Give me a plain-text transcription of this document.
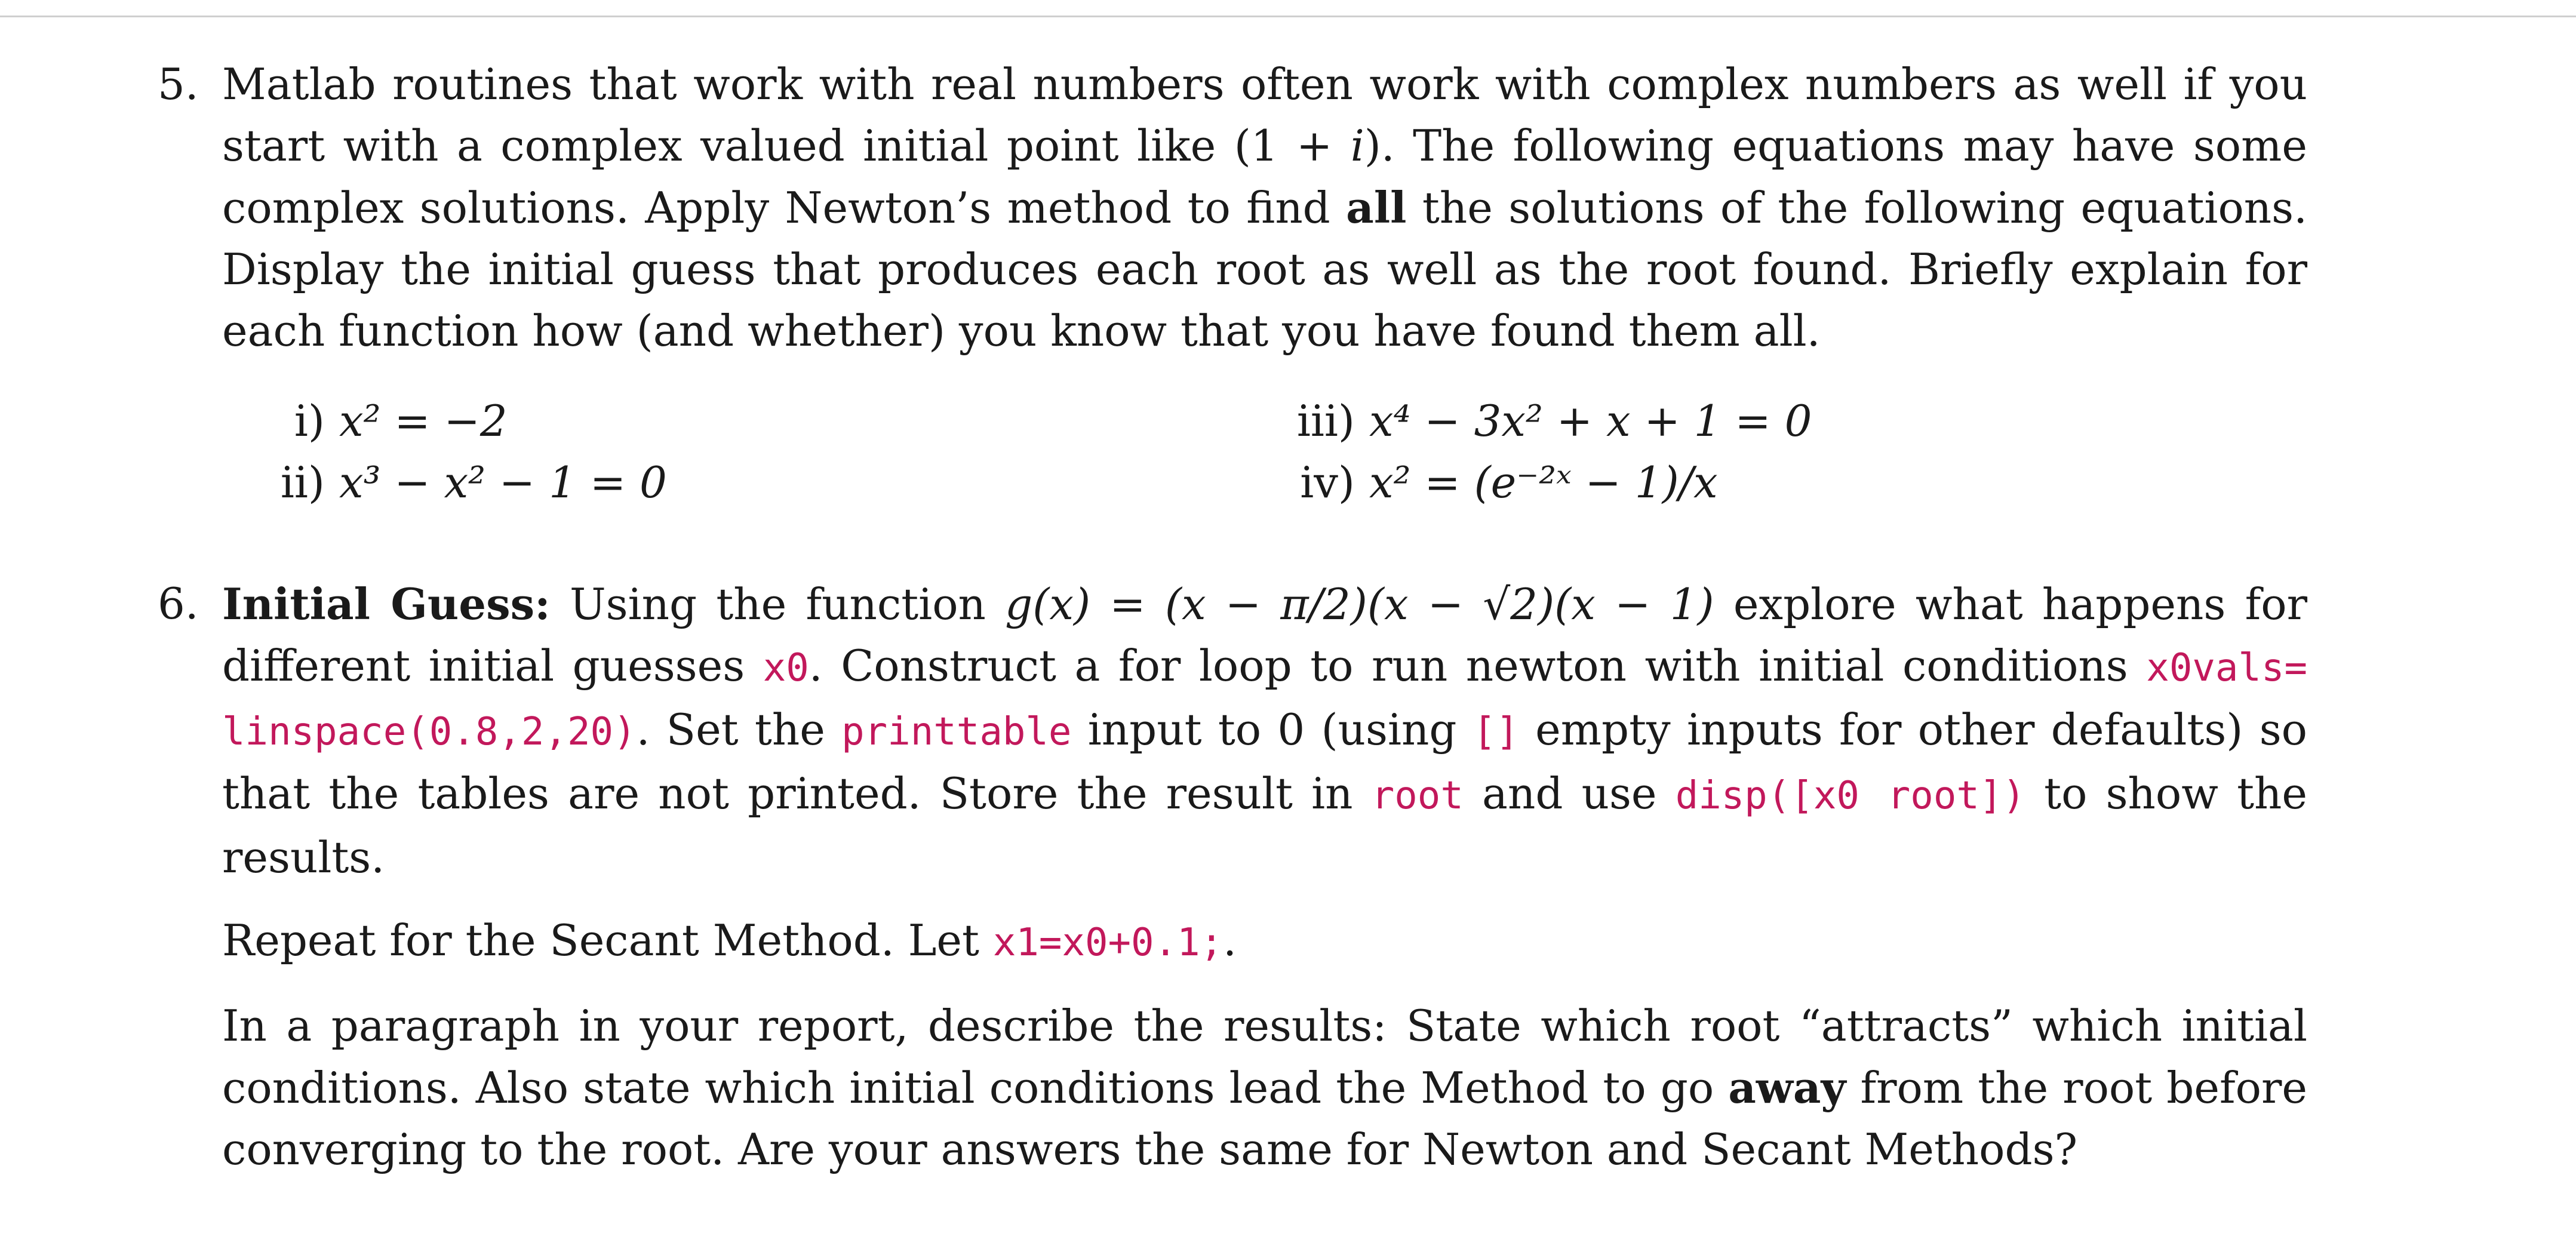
5. Matlab routines that work with real numbers often work with complex numbers as well if you start with a complex valued initial point like (1 + i). The following equations may have some complex solutions. Apply Newton’s method to find all the solutions of the following equations. Display the initial guess that produces each root as well as the root found. Briefly explain for each function how (and whether) you know that you have found them all.
i) x² = −2
ii) x³ − x² − 1 = 0
iii) x⁴ − 3x² + x + 1 = 0
iv) x² = (e⁻²ˣ − 1)/x
6. Initial Guess: Using the function g(x) = (x − π/2)(x − √2)(x − 1) explore what happens for different initial guesses x0. Construct a for loop to run newton with initial conditions x0vals= linspace(0.8,2,20). Set the printtable input to 0 (using [] empty inputs for other defaults) so that the tables are not printed. Store the result in root and use disp([x0 root]) to show the results.
Repeat for the Secant Method. Let x1=x0+0.1;.
In a paragraph in your report, describe the results: State which root “attracts” which initial conditions. Also state which initial conditions lead the Method to go away from the root before converging to the root. Are your answers the same for Newton and Secant Methods?
